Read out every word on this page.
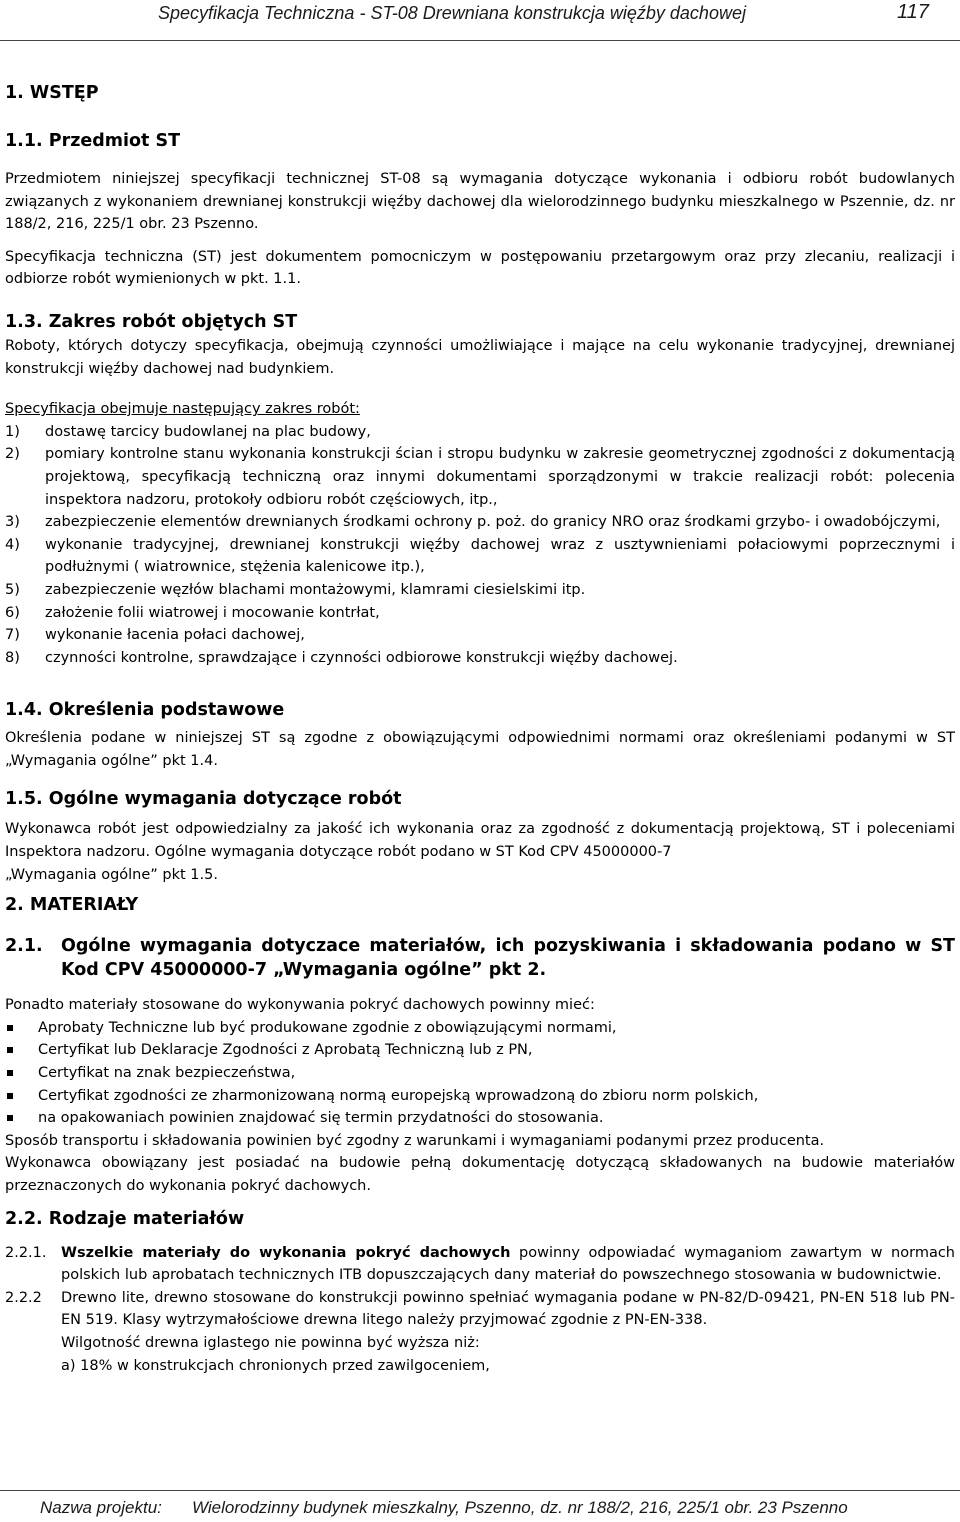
Specyfikacja Techniczna - ST-08 Drewniana konstrukcja więźby dachowej	117

1. WSTĘP

1.1. Przedmiot ST

Przedmiotem niniejszej specyfikacji technicznej ST-08 są wymagania dotyczące wykonania i odbioru robót budowlanych związanych z wykonaniem drewnianej konstrukcji więźby dachowej dla wielorodzinnego budynku mieszkalnego w Pszennie, dz. nr 188/2, 216, 225/1 obr. 23 Pszenno.

Specyfikacja techniczna (ST) jest dokumentem pomocniczym w postępowaniu przetargowym oraz przy zlecaniu, realizacji i odbiorze robót wymienionych w pkt. 1.1.

1.3. Zakres robót objętych ST

Roboty, których dotyczy specyfikacja, obejmują czynności umożliwiające i mające na celu wykonanie tradycyjnej, drewnianej konstrukcji więźby dachowej nad budynkiem.

Specyfikacja obejmuje następujący zakres robót:

1) dostawę tarcicy budowlanej na plac budowy,
2) pomiary kontrolne stanu wykonania konstrukcji ścian i stropu budynku w zakresie geometrycznej zgodności z dokumentacją projektową, specyfikacją techniczną oraz innymi dokumentami sporządzonymi w trakcie realizacji robót: polecenia inspektora nadzoru, protokoły odbioru robót częściowych, itp.,
3) zabezpieczenie elementów drewnianych środkami ochrony p. poż. do granicy NRO oraz środkami grzybo- i owadobójczymi,
4) wykonanie tradycyjnej, drewnianej konstrukcji więźby dachowej wraz z usztywnieniami połaciowymi poprzecznymi i podłużnymi ( wiatrownice, stężenia kalenicowe itp.),
5) zabezpieczenie węzłów blachami montażowymi, klamrami ciesielskimi itp.
6) założenie folii wiatrowej i mocowanie kontrłat,
7) wykonanie łacenia połaci dachowej,
8) czynności kontrolne, sprawdzające i czynności odbiorowe konstrukcji więźby dachowej.

1.4. Określenia podstawowe

Określenia podane w niniejszej ST są zgodne z obowiązującymi odpowiednimi normami oraz określeniami podanymi w ST „Wymagania ogólne” pkt 1.4.

1.5. Ogólne wymagania dotyczące robót

Wykonawca robót jest odpowiedzialny za jakość ich wykonania oraz za zgodność z dokumentacją projektową, ST i poleceniami Inspektora nadzoru. Ogólne wymagania dotyczące robót podano w ST Kod CPV 45000000-7

„Wymagania ogólne” pkt 1.5.

2. MATERIAŁY

2.1. Ogólne wymagania dotyczace materiałów, ich pozyskiwania i składowania podano w ST Kod CPV 45000000-7 „Wymagania ogólne” pkt 2.

Ponadto materiały stosowane do wykonywania pokryć dachowych powinny mieć:

Aprobaty Techniczne lub być produkowane zgodnie z obowiązującymi normami,
Certyfikat lub Deklaracje Zgodności z Aprobatą Techniczną lub z PN,
Certyfikat na znak bezpieczeństwa,
Certyfikat zgodności ze zharmonizowaną normą europejską wprowadzoną do zbioru norm polskich,
na opakowaniach powinien znajdować się termin przydatności do stosowania.

Sposób transportu i składowania powinien być zgodny z warunkami i wymaganiami podanymi przez producenta.

Wykonawca obowiązany jest posiadać na budowie pełną dokumentację dotyczącą składowanych na budowie materiałów przeznaczonych do wykonania pokryć dachowych.

2.2. Rodzaje materiałów

2.2.1. Wszelkie materiały do wykonania pokryć dachowych powinny odpowiadać wymaganiom zawartym w normach polskich lub aprobatach technicznych ITB dopuszczających dany materiał do powszechnego stosowania w budownictwie.
2.2.2 Drewno lite, drewno stosowane do konstrukcji powinno spełniać wymagania podane w PN-82/D-09421, PN-EN 518 lub PN-EN 519. Klasy wytrzymałościowe drewna litego należy przyjmować zgodnie z PN-EN-338.
Wilgotność drewna iglastego nie powinna być wyższa niż:
a) 18% w konstrukcjach chronionych przed zawilgoceniem,
Nazwa projektu: Wielorodzinny budynek mieszkalny, Pszenno, dz. nr 188/2, 216, 225/1 obr. 23 Pszenno
